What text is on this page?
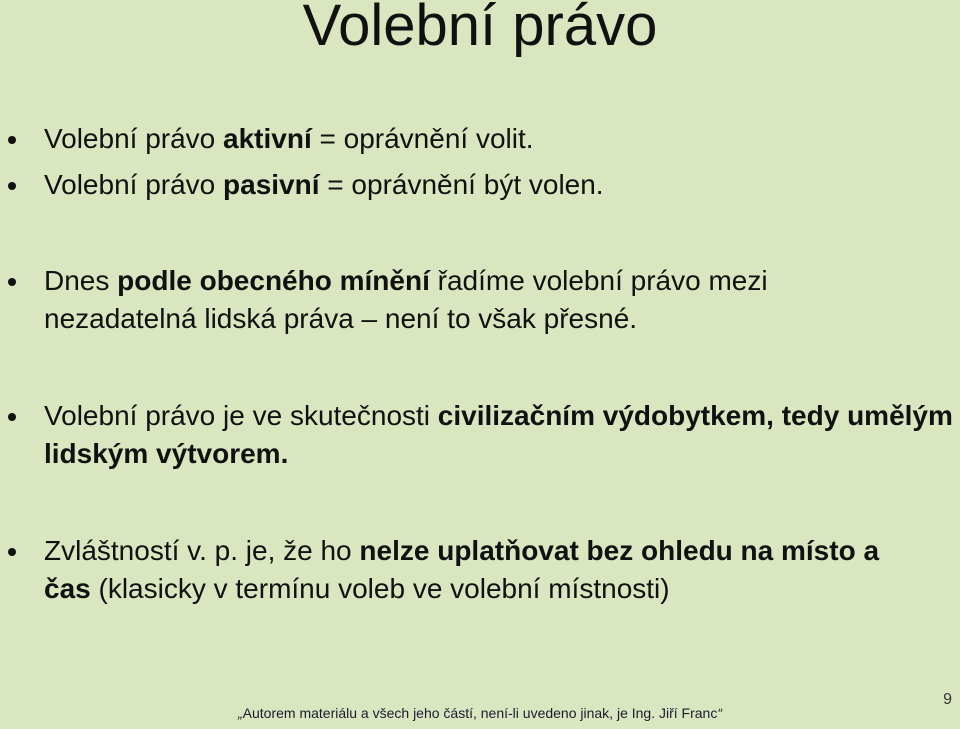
Volební právo
Volební právo aktivní = oprávnění volit.
Volební právo pasivní = oprávnění být volen.
Dnes podle obecného mínění řadíme volební právo mezi nezadatelná lidská práva – není to však přesné.
Volební právo je ve skutečnosti civilizačním výdobytkem, tedy umělým lidským výtvorem.
Zvláštností v. p. je, že ho nelze uplatňovat bez ohledu na místo a čas (klasicky v termínu voleb ve volební místnosti)
„Autorem materiálu a všech jeho částí, není-li uvedeno jinak, je Ing. Jiří Franc“
9
